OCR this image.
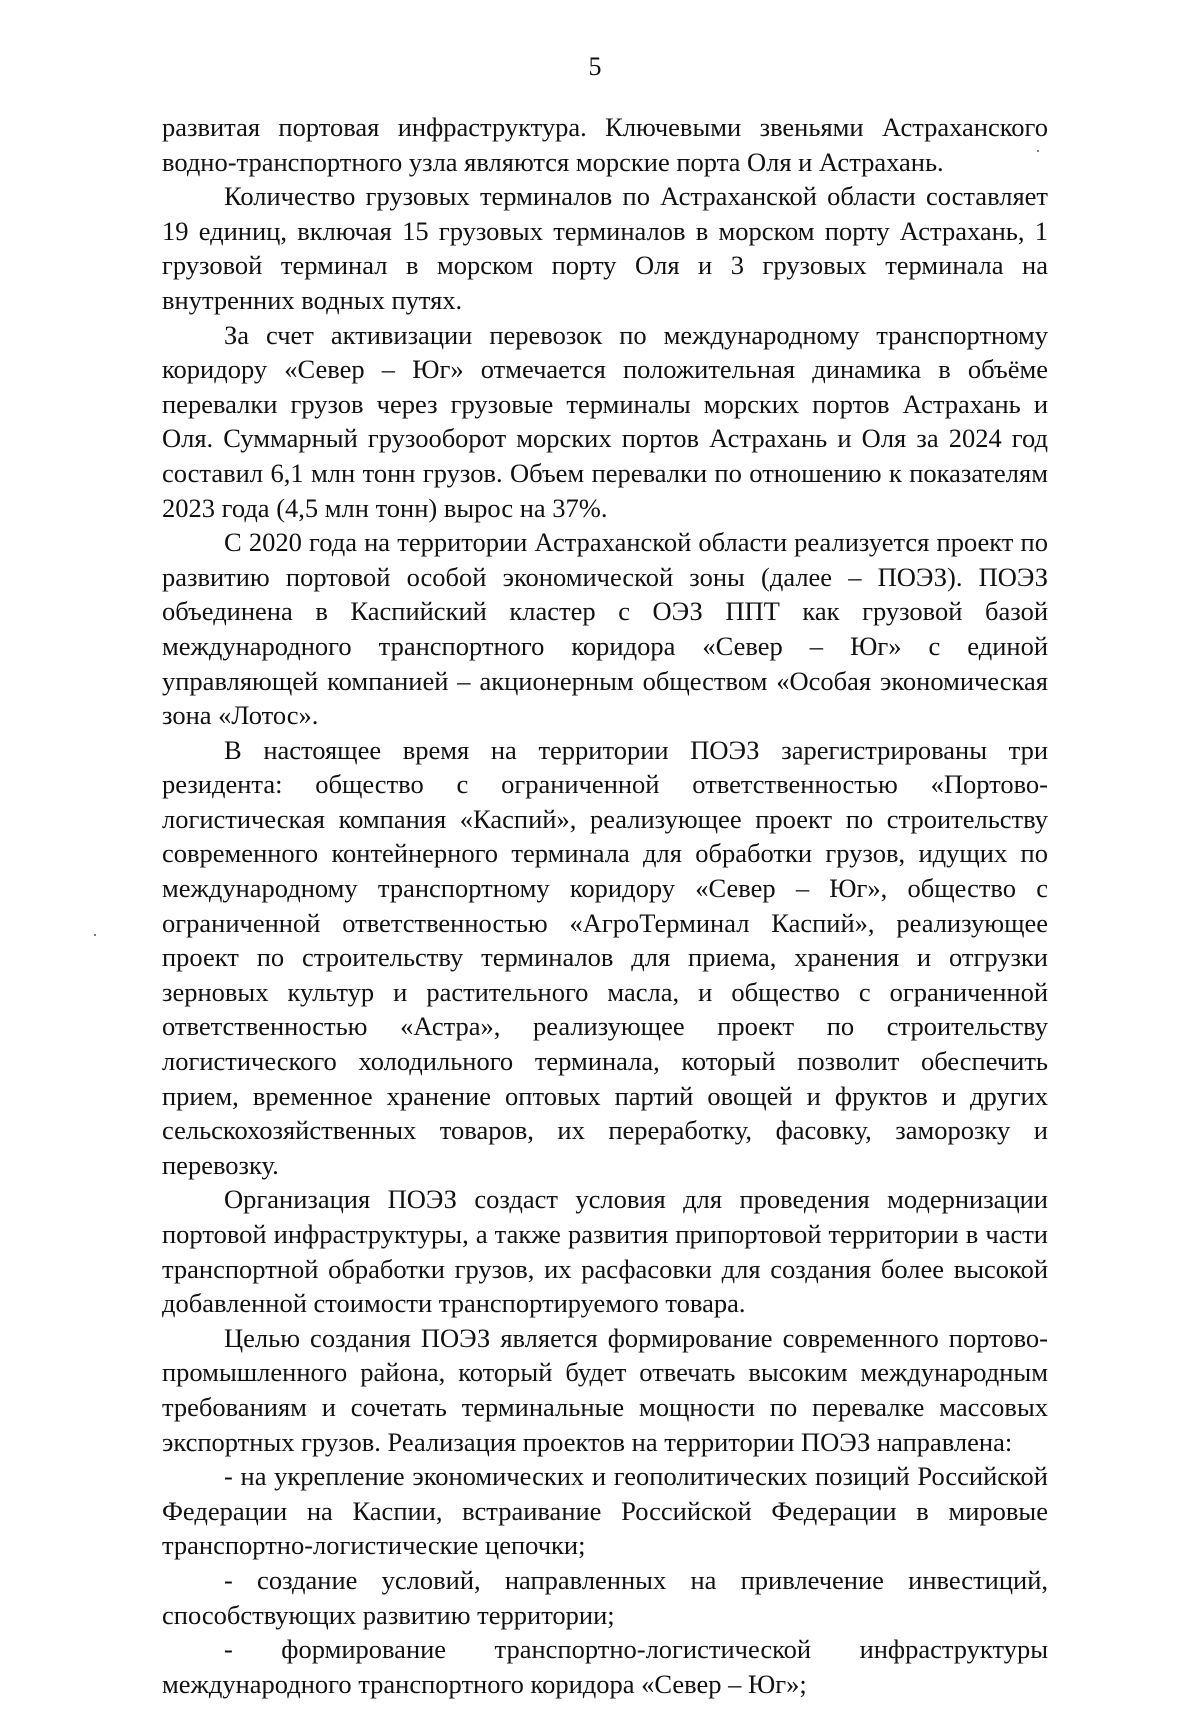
5

развитая портовая инфраструктура. Ключевыми звеньями Астраханского водно-транспортного узла являются морские порта Оля и Астрахань.

Количество грузовых терминалов по Астраханской области составляет 19 единиц, включая 15 грузовых терминалов в морском порту Астрахань, 1 грузовой терминал в морском порту Оля и 3 грузовых терминала на внутренних водных путях.

За счет активизации перевозок по международному транспортному коридору «Север – Юг» отмечается положительная динамика в объёме перевалки грузов через грузовые терминалы морских портов Астрахань и Оля. Суммарный грузооборот морских портов Астрахань и Оля за 2024 год составил 6,1 млн тонн грузов. Объем перевалки по отношению к показателям 2023 года (4,5 млн тонн) вырос на 37%.

С 2020 года на территории Астраханской области реализуется проект по развитию портовой особой экономической зоны (далее – ПОЭЗ). ПОЭЗ объединена в Каспийский кластер с ОЭЗ ППТ как грузовой базой международного транспортного коридора «Север – Юг» с единой управляющей компанией – акционерным обществом «Особая экономическая зона «Лотос».

В настоящее время на территории ПОЭЗ зарегистрированы три резидента: общество с ограниченной ответственностью «Портово-логистическая компания «Каспий», реализующее проект по строительству современного контейнерного терминала для обработки грузов, идущих по международному транспортному коридору «Север – Юг», общество с ограниченной ответственностью «АгроТерминал Каспий», реализующее проект по строительству терминалов для приема, хранения и отгрузки зерновых культур и растительного масла, и общество с ограниченной ответственностью «Астра», реализующее проект по строительству логистического холодильного терминала, который позволит обеспечить прием, временное хранение оптовых партий овощей и фруктов и других сельскохозяйственных товаров, их переработку, фасовку, заморозку и перевозку.

Организация ПОЭЗ создаст условия для проведения модернизации портовой инфраструктуры, а также развития припортовой территории в части транспортной обработки грузов, их расфасовки для создания более высокой добавленной стоимости транспортируемого товара.

Целью создания ПОЭЗ является формирование современного портово-промышленного района, который будет отвечать высоким международным требованиям и сочетать терминальные мощности по перевалке массовых экспортных грузов. Реализация проектов на территории ПОЭЗ направлена:

- на укрепление экономических и геополитических позиций Российской Федерации на Каспии, встраивание Российской Федерации в мировые транспортно-логистические цепочки;

- создание условий, направленных на привлечение инвестиций, способствующих развитию территории;

- формирование транспортно-логистической инфраструктуры международного транспортного коридора «Север – Юг»;
